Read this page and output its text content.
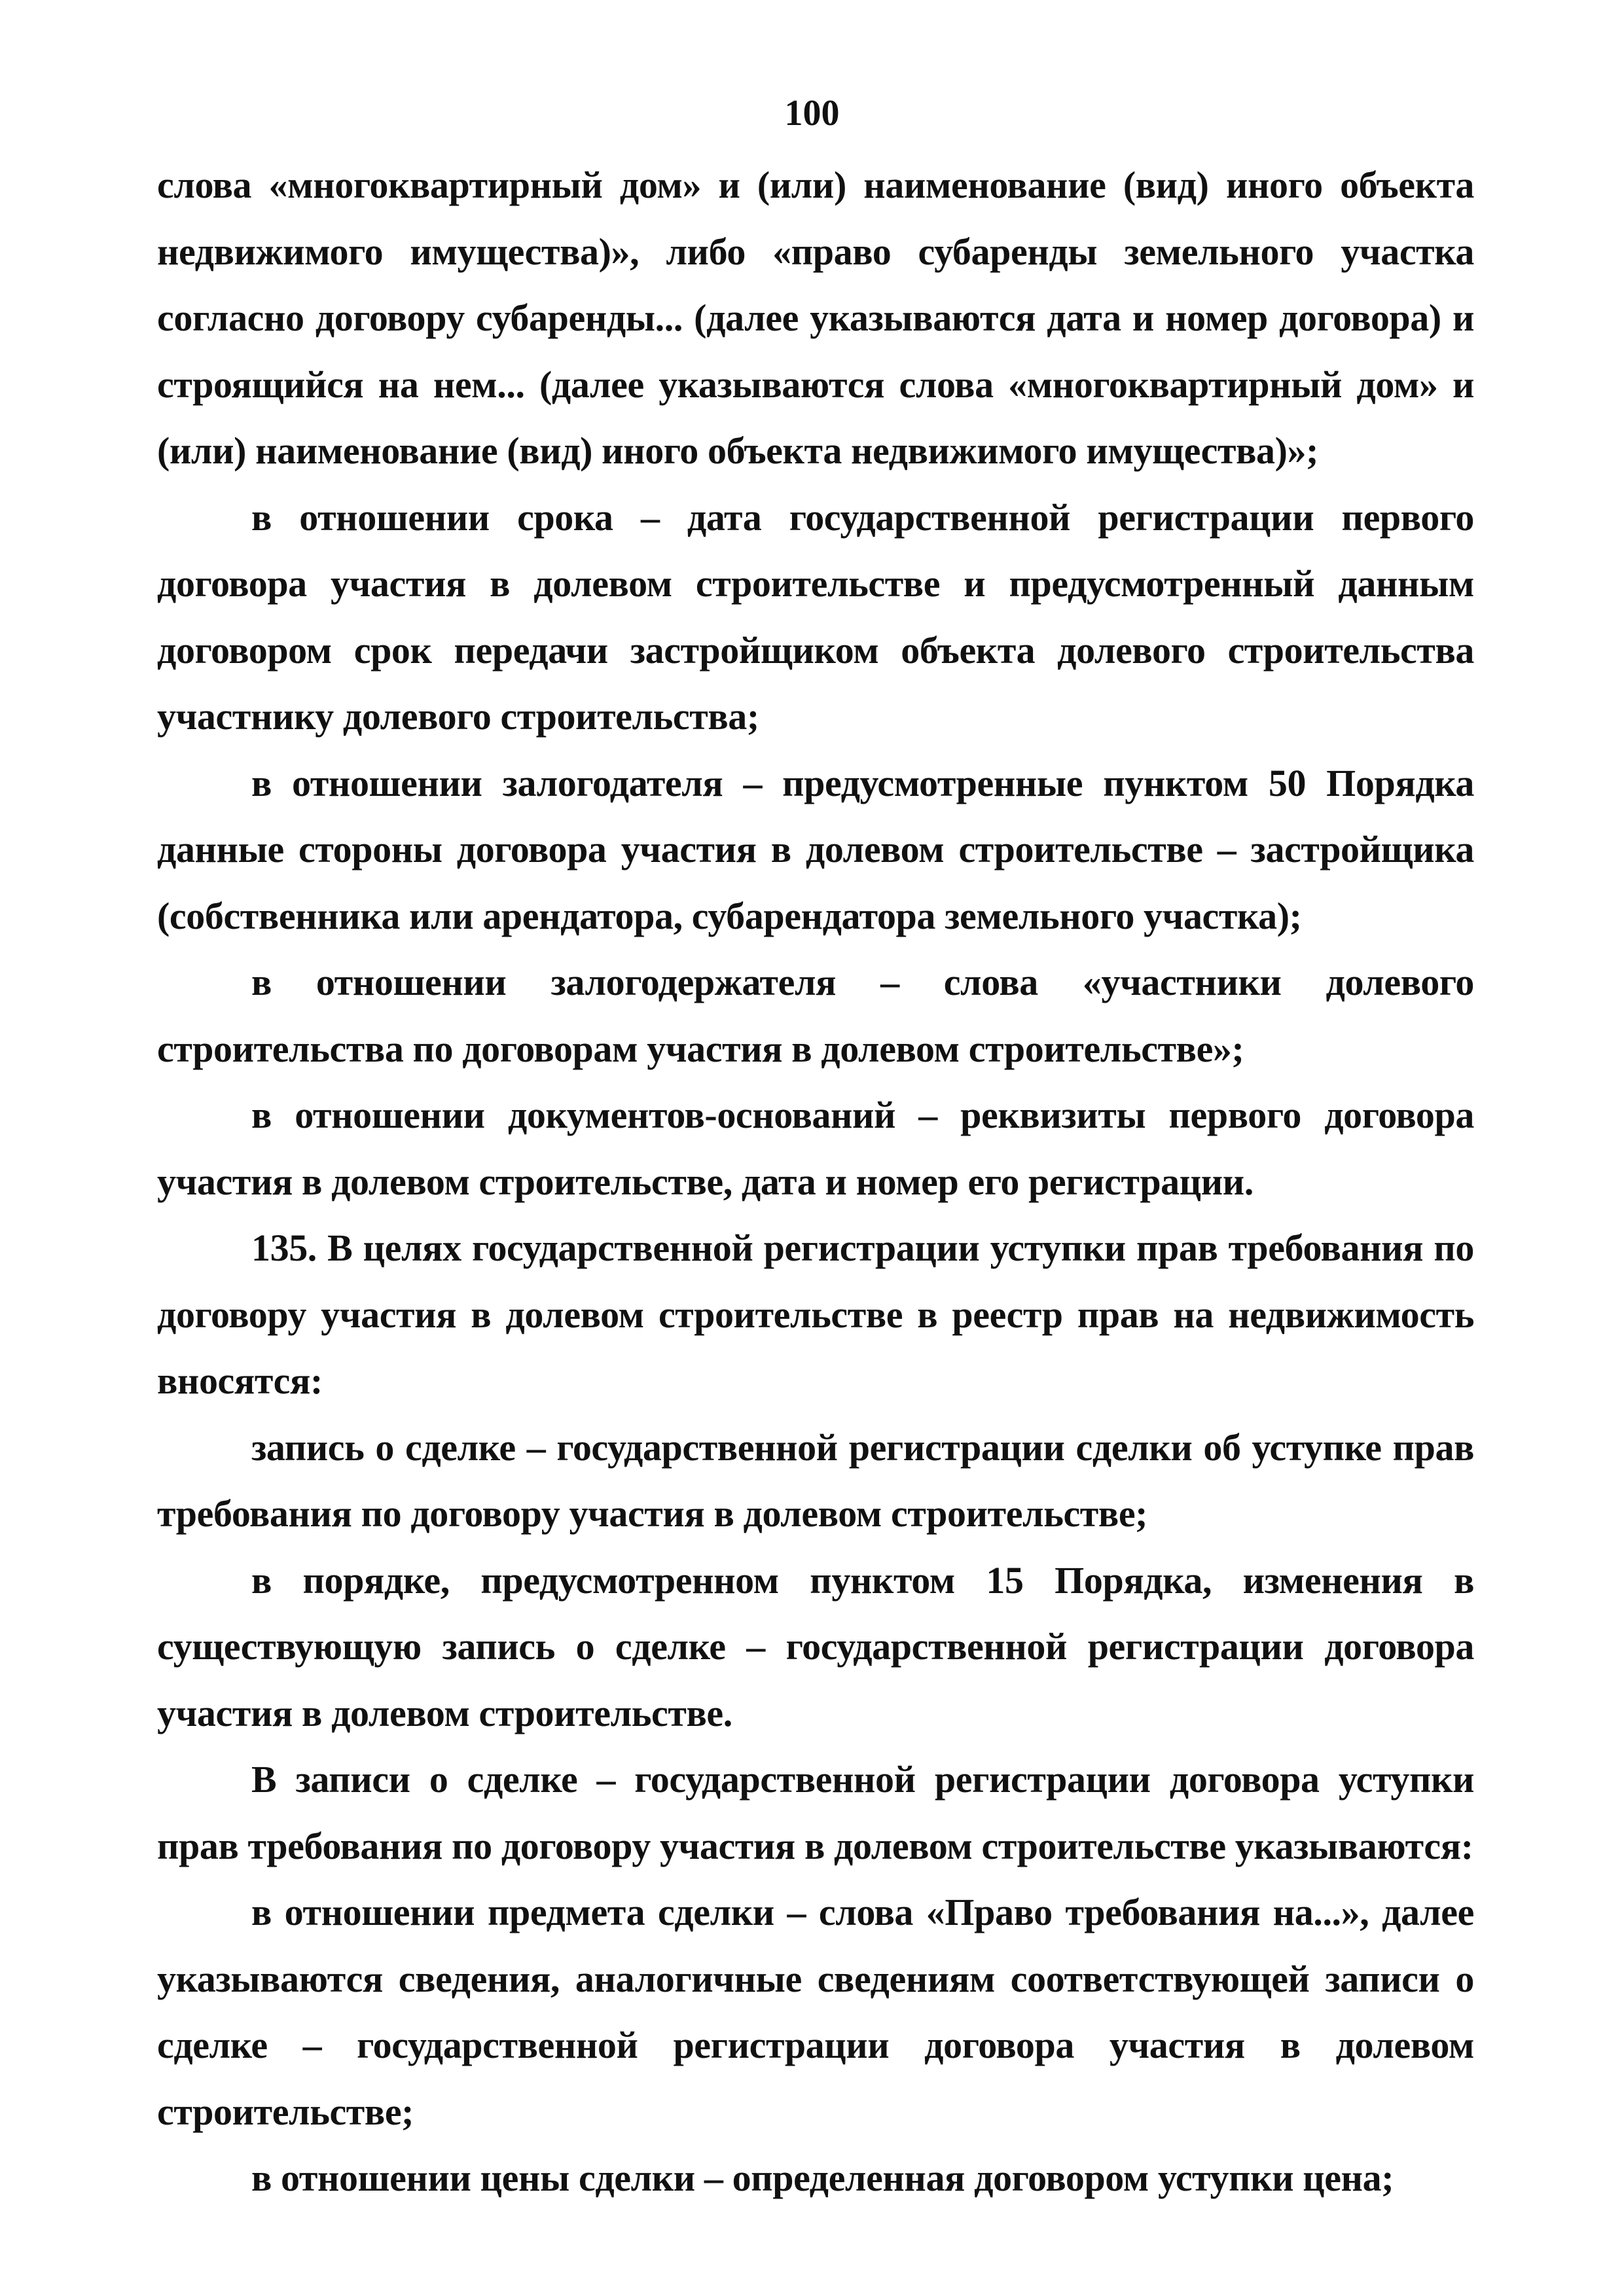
100

слова «многоквартирный дом» и (или) наименование (вид) иного объекта недвижимого имущества)», либо «право субаренды земельного участка согласно договору субаренды... (далее указываются дата и номер договора) и строящийся на нем... (далее указываются слова «многоквартирный дом» и (или) наименование (вид) иного объекта недвижимого имущества)»;

в отношении срока – дата государственной регистрации первого договора участия в долевом строительстве и предусмотренный данным договором срок передачи застройщиком объекта долевого строительства участнику долевого строительства;

в отношении залогодателя – предусмотренные пунктом 50 Порядка данные стороны договора участия в долевом строительстве – застройщика (собственника или арендатора, субарендатора земельного участка);

в отношении залогодержателя – слова «участники долевого строительства по договорам участия в долевом строительстве»;

в отношении документов-оснований – реквизиты первого договора участия в долевом строительстве, дата и номер его регистрации.

135. В целях государственной регистрации уступки прав требования по договору участия в долевом строительстве в реестр прав на недвижимость вносятся:

запись о сделке – государственной регистрации сделки об уступке прав требования по договору участия в долевом строительстве;

в порядке, предусмотренном пунктом 15 Порядка, изменения в существующую запись о сделке – государственной регистрации договора участия в долевом строительстве.

В записи о сделке – государственной регистрации договора уступки прав требования по договору участия в долевом строительстве указываются:

в отношении предмета сделки – слова «Право требования на...», далее указываются сведения, аналогичные сведениям соответствующей записи о сделке – государственной регистрации договора участия в долевом строительстве;

в отношении цены сделки – определенная договором уступки цена;
